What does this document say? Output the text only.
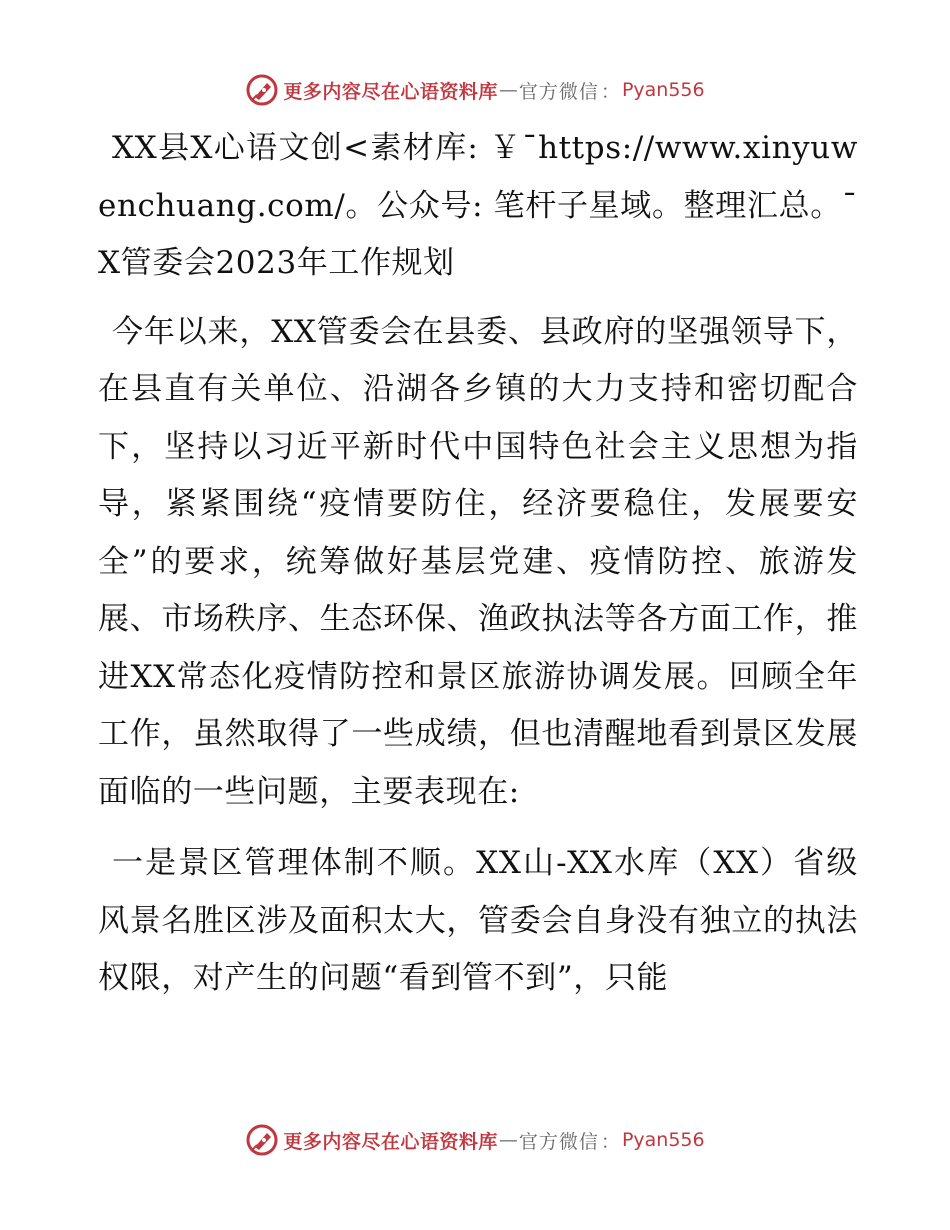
更多内容尽在心语资料库 — 官方微信 ： Pyan556

XX县X心语文创<素材库: ￥¯https://www.xinyuwenchuang.com/。公众号: 笔杆子星域。整理汇总。¯X管委会2023年工作规划

今年以来，XX管委会在县委、县政府的坚强领导下，在县直有关单位、沿湖各乡镇的大力支持和密切配合下，坚持以习近平新时代中国特色社会主义思想为指导，紧紧围绕“疫情要防住，经济要稳住，发展要安全”的要求，统筹做好基层党建、疫情防控、旅游发展、市场秩序、生态环保、渔政执法等各方面工作，推进XX常态化疫情防控和景区旅游协调发展。回顾全年工作，虽然取得了一些成绩，但也清醒地看到景区发展面临的一些问题，主要表现在:

一是景区管理体制不顺。XX山-XX水库（XX）省级风景名胜区涉及面积太大，管委会自身没有独立的执法权限，对产生的问题“看到管不到”，只能

更多内容尽在心语资料库 — 官方微信 ： Pyan556
